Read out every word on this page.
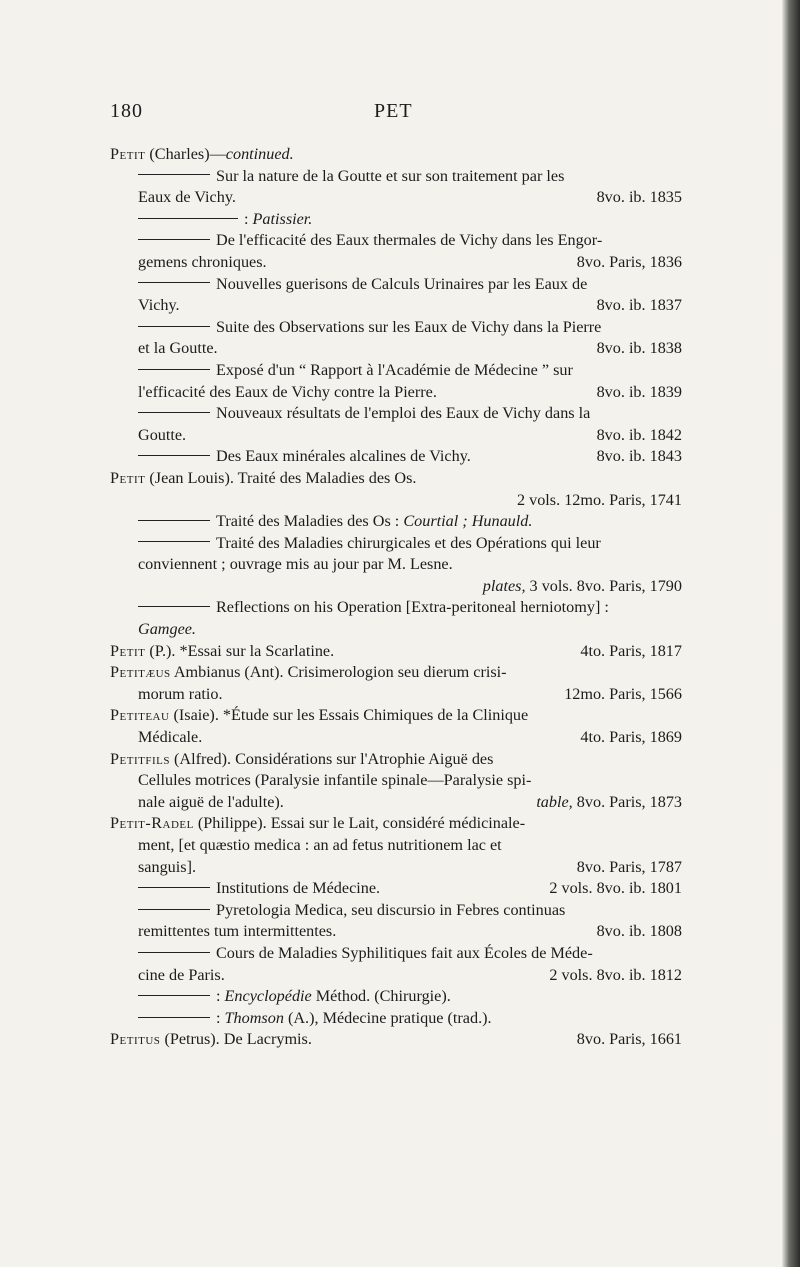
180	PET
Petit (Charles)—continued.
Sur la nature de la Goutte et sur son traitement par les
Eaux de Vichy.	8vo. ib. 1835
: Patissier.
De l'efficacité des Eaux thermales de Vichy dans les Engor-
gemens chroniques.	8vo. Paris, 1836
Nouvelles guerisons de Calculs Urinaires par les Eaux de
Vichy.	8vo. ib. 1837
Suite des Observations sur les Eaux de Vichy dans la Pierre
et la Goutte.	8vo. ib. 1838
Exposé d'un “ Rapport à l'Académie de Médecine ” sur
l'efficacité des Eaux de Vichy contre la Pierre.	8vo. ib. 1839
Nouveaux résultats de l'emploi des Eaux de Vichy dans la
Goutte.	8vo. ib. 1842
Des Eaux minérales alcalines de Vichy.	8vo. ib. 1843
Petit (Jean Louis). Traité des Maladies des Os.
2 vols. 12mo. Paris, 1741
Traité des Maladies des Os : Courtial ; Hunauld.
Traité des Maladies chirurgicales et des Opérations qui leur
conviennent ; ouvrage mis au jour par M. Lesne.
plates, 3 vols. 8vo. Paris, 1790
Reflections on his Operation [Extra-peritoneal herniotomy] :
Gamgee.
Petit (P.). *Essai sur la Scarlatine.	4to. Paris, 1817
Petitæus Ambianus (Ant). Crisimerologion seu dierum crisi-
morum ratio.	12mo. Paris, 1566
Petiteau (Isaie). *Étude sur les Essais Chimiques de la Clinique
Médicale.	4to. Paris, 1869
Petitfils (Alfred). Considérations sur l'Atrophie Aiguë des
Cellules motrices (Paralysie infantile spinale—Paralysie spi-
nale aiguë de l'adulte).	table, 8vo. Paris, 1873
Petit-Radel (Philippe). Essai sur le Lait, considéré médicinale-
ment, [et quæstio medica : an ad fetus nutritionem lac et
sanguis].	8vo. Paris, 1787
Institutions de Médecine.	2 vols. 8vo. ib. 1801
Pyretologia Medica, seu discursio in Febres continuas
remittentes tum intermittentes.	8vo. ib. 1808
Cours de Maladies Syphilitiques fait aux Écoles de Méde-
cine de Paris.	2 vols. 8vo. ib. 1812
: Encyclopédie Méthod. (Chirurgie).
: Thomson (A.), Médecine pratique (trad.).
Petitus (Petrus). De Lacrymis.	8vo. Paris, 1661
